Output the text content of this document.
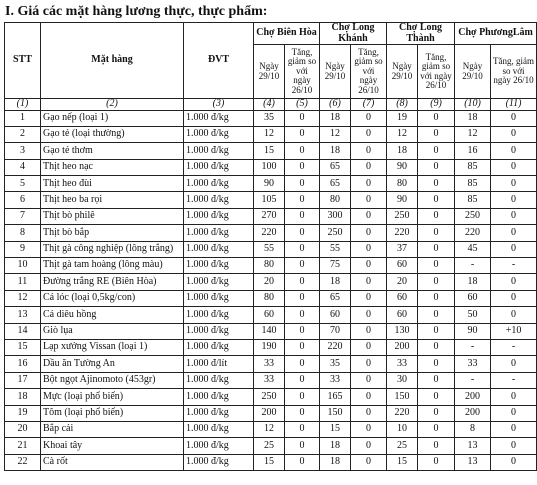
I. Giá các mặt hàng lương thực, thực phẩm:
STT	Mặt hàng	ĐVT	Chợ Biên Hòa		Chợ Long Khánh		Chợ Long Thành		Chợ PhươngLâm	
			Ngày 29/10	Tăng, giảm so với ngày 26/10	Ngày 29/10	Tăng, giảm so với ngày 26/10	Ngày 29/10	Tăng, giảm so với ngày 26/10	Ngày 29/10	Tăng, giảm so với ngày 26/10
(1)	(2)	(3)	(4)	(5)	(6)	(7)	(8)	(9)	(10)	(11)
1	Gạo nếp (loại 1)	1.000 đ/kg	35	0	18	0	19	0	18	0
2	Gạo tẻ (loại thường)	1.000 đ/kg	12	0	12	0	12	0	12	0
3	Gạo tẻ thơm	1.000 đ/kg	15	0	18	0	18	0	16	0
4	Thịt heo nạc	1.000 đ/kg	100	0	65	0	90	0	85	0
5	Thịt heo đùi	1.000 đ/kg	90	0	65	0	80	0	85	0
6	Thịt heo ba rọi	1.000 đ/kg	105	0	80	0	90	0	85	0
7	Thịt bò philê	1.000 đ/kg	270	0	300	0	250	0	250	0
8	Thịt bò bắp	1.000 đ/kg	220	0	250	0	220	0	220	0
9	Thịt gà công nghiệp (lông trắng)	1.000 đ/kg	55	0	55	0	37	0	45	0
10	Thịt gà tam hoàng (lông màu)	1.000 đ/kg	80	0	75	0	60	0	-	-
11	Đường trắng RE (Biên Hòa)	1.000 đ/kg	20	0	18	0	20	0	18	0
12	Cá lóc (loại 0,5kg/con)	1.000 đ/kg	80	0	65	0	60	0	60	0
13	Cá diêu hồng	1.000 đ/kg	60	0	60	0	60	0	50	0
14	Giò lụa	1.000 đ/kg	140	0	70	0	130	0	90	+10
15	Lạp xưởng Vissan (loại 1)	1.000 đ/kg	190	0	220	0	200	0	-	-
16	Dầu ăn Tường An	1.000 đ/lít	33	0	35	0	33	0	33	0
17	Bột ngọt Ajinomoto (453gr)	1.000 đ/kg	33	0	33	0	30	0	-	-
18	Mực (loại phổ biến)	1.000 đ/kg	250	0	165	0	150	0	200	0
19	Tôm (loại phổ biến)	1.000 đ/kg	200	0	150	0	220	0	200	0
20	Bắp cải	1.000 đ/kg	12	0	15	0	10	0	8	0
21	Khoai tây	1.000 đ/kg	25	0	18	0	25	0	13	0
22	Cà rốt	1.000 đ/kg	15	0	18	0	15	0	13	0
